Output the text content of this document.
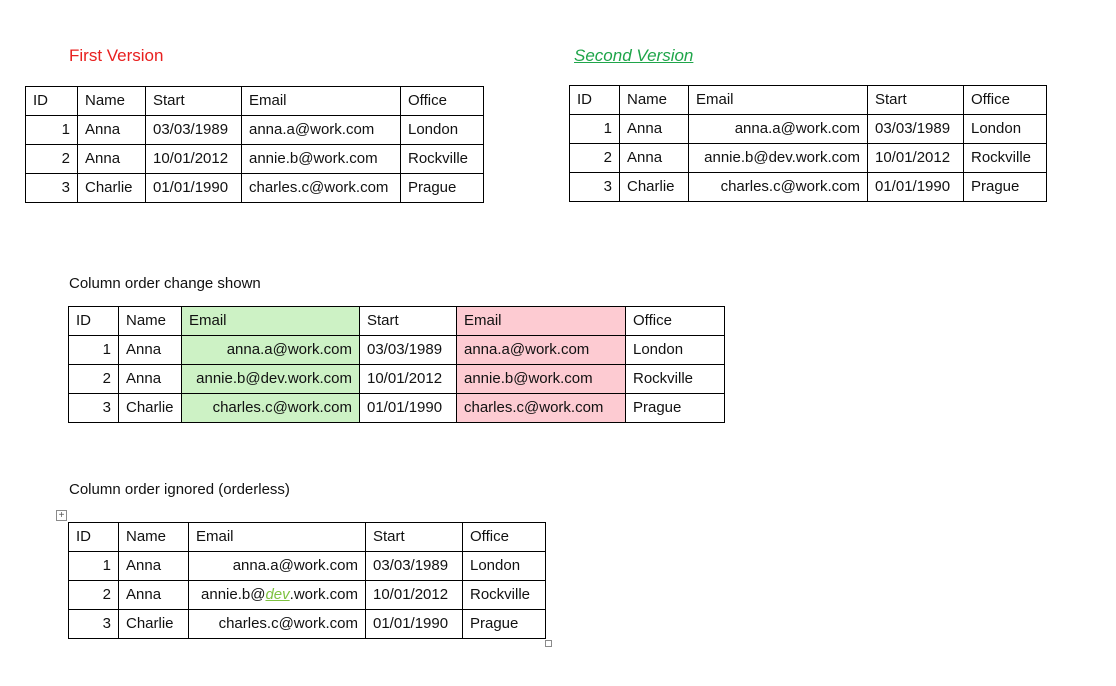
First Version	Second Version
ID	Name	Start	Email	Office
1	Anna	03/03/1989	anna.a@work.com	London
2	Anna	10/01/2012	annie.b@work.com	Rockville
3	Charlie	01/01/1990	charles.c@work.com	Prague
ID	Name	Email	Start	Office
1	Anna	anna.a@work.com	03/03/1989	London
2	Anna	annie.b@dev.work.com	10/01/2012	Rockville
3	Charlie	charles.c@work.com	01/01/1990	Prague
Column order change shown
ID	Name	Email	Start	Email	Office
1	Anna	anna.a@work.com	03/03/1989	anna.a@work.com	London
2	Anna	annie.b@dev.work.com	10/01/2012	annie.b@work.com	Rockville
3	Charlie	charles.c@work.com	01/01/1990	charles.c@work.com	Prague
Column order ignored (orderless)
+
ID	Name	Email	Start	Office
1	Anna	anna.a@work.com	03/03/1989	London
2	Anna	annie.b@dev.work.com	10/01/2012	Rockville
3	Charlie	charles.c@work.com	01/01/1990	Prague
